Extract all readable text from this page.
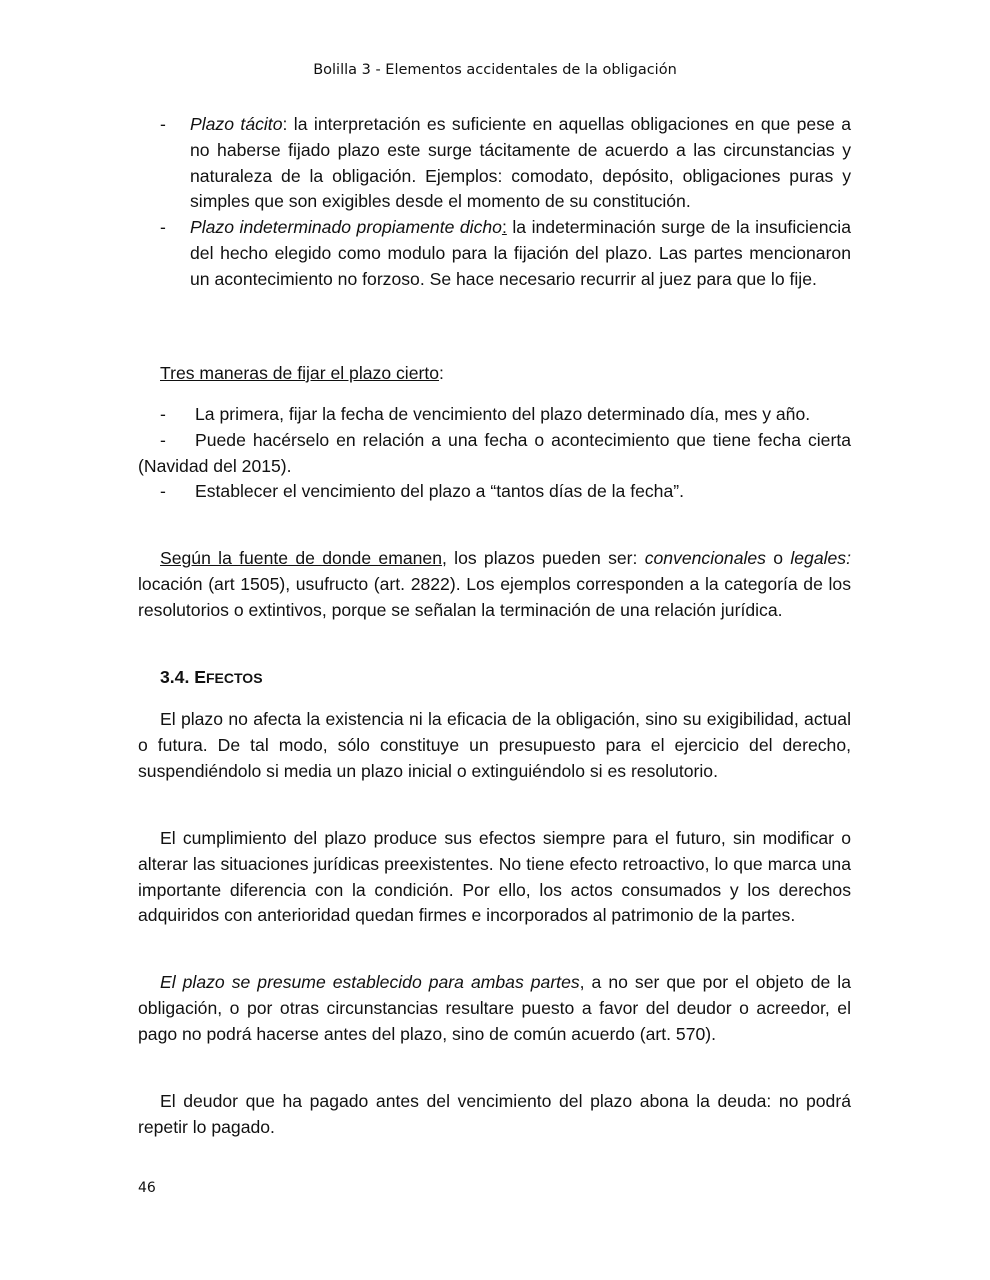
Bolilla 3 - Elementos accidentales de la obligación
- Plazo tácito: la interpretación es suficiente en aquellas obligaciones en que pese a no haberse fijado plazo este surge tácitamente de acuerdo a las circunstancias y naturaleza de la obligación. Ejemplos: comodato, depósito, obligaciones puras y simples que son exigibles desde el momento de su constitución.
- Plazo indeterminado propiamente dicho: la indeterminación surge de la insuficiencia del hecho elegido como modulo para la fijación del plazo. Las partes mencionaron un acontecimiento no forzoso. Se hace necesario recurrir al juez para que lo fije.
Tres maneras de fijar el plazo cierto:
- La primera, fijar la fecha de vencimiento del plazo determinado día, mes y año.
- Puede hacérselo en relación a una fecha o acontecimiento que tiene fecha cierta (Navidad del 2015).
- Establecer el vencimiento del plazo a “tantos días de la fecha”.
Según la fuente de donde emanen, los plazos pueden ser: convencionales o legales: locación (art 1505), usufructo (art. 2822). Los ejemplos corresponden a la categoría de los resolutorios o extintivos, porque se señalan la terminación de una relación jurídica.
3.4. EFECTOS
El plazo no afecta la existencia ni la eficacia de la obligación, sino su exigibilidad, actual o futura. De tal modo, sólo constituye un presupuesto para el ejercicio del derecho, suspendiéndolo si media un plazo inicial o extinguiéndolo si es resolutorio.
El cumplimiento del plazo produce sus efectos siempre para el futuro, sin modificar o alterar las situaciones jurídicas preexistentes. No tiene efecto retroactivo, lo que marca una importante diferencia con la condición. Por ello, los actos consumados y los derechos adquiridos con anterioridad quedan firmes e incorporados al patrimonio de la partes.
El plazo se presume establecido para ambas partes, a no ser que por el objeto de la obligación, o por otras circunstancias resultare puesto a favor del deudor o acreedor, el pago no podrá hacerse antes del plazo, sino de común acuerdo (art. 570).
El deudor que ha pagado antes del vencimiento del plazo abona la deuda: no podrá repetir lo pagado.
46
